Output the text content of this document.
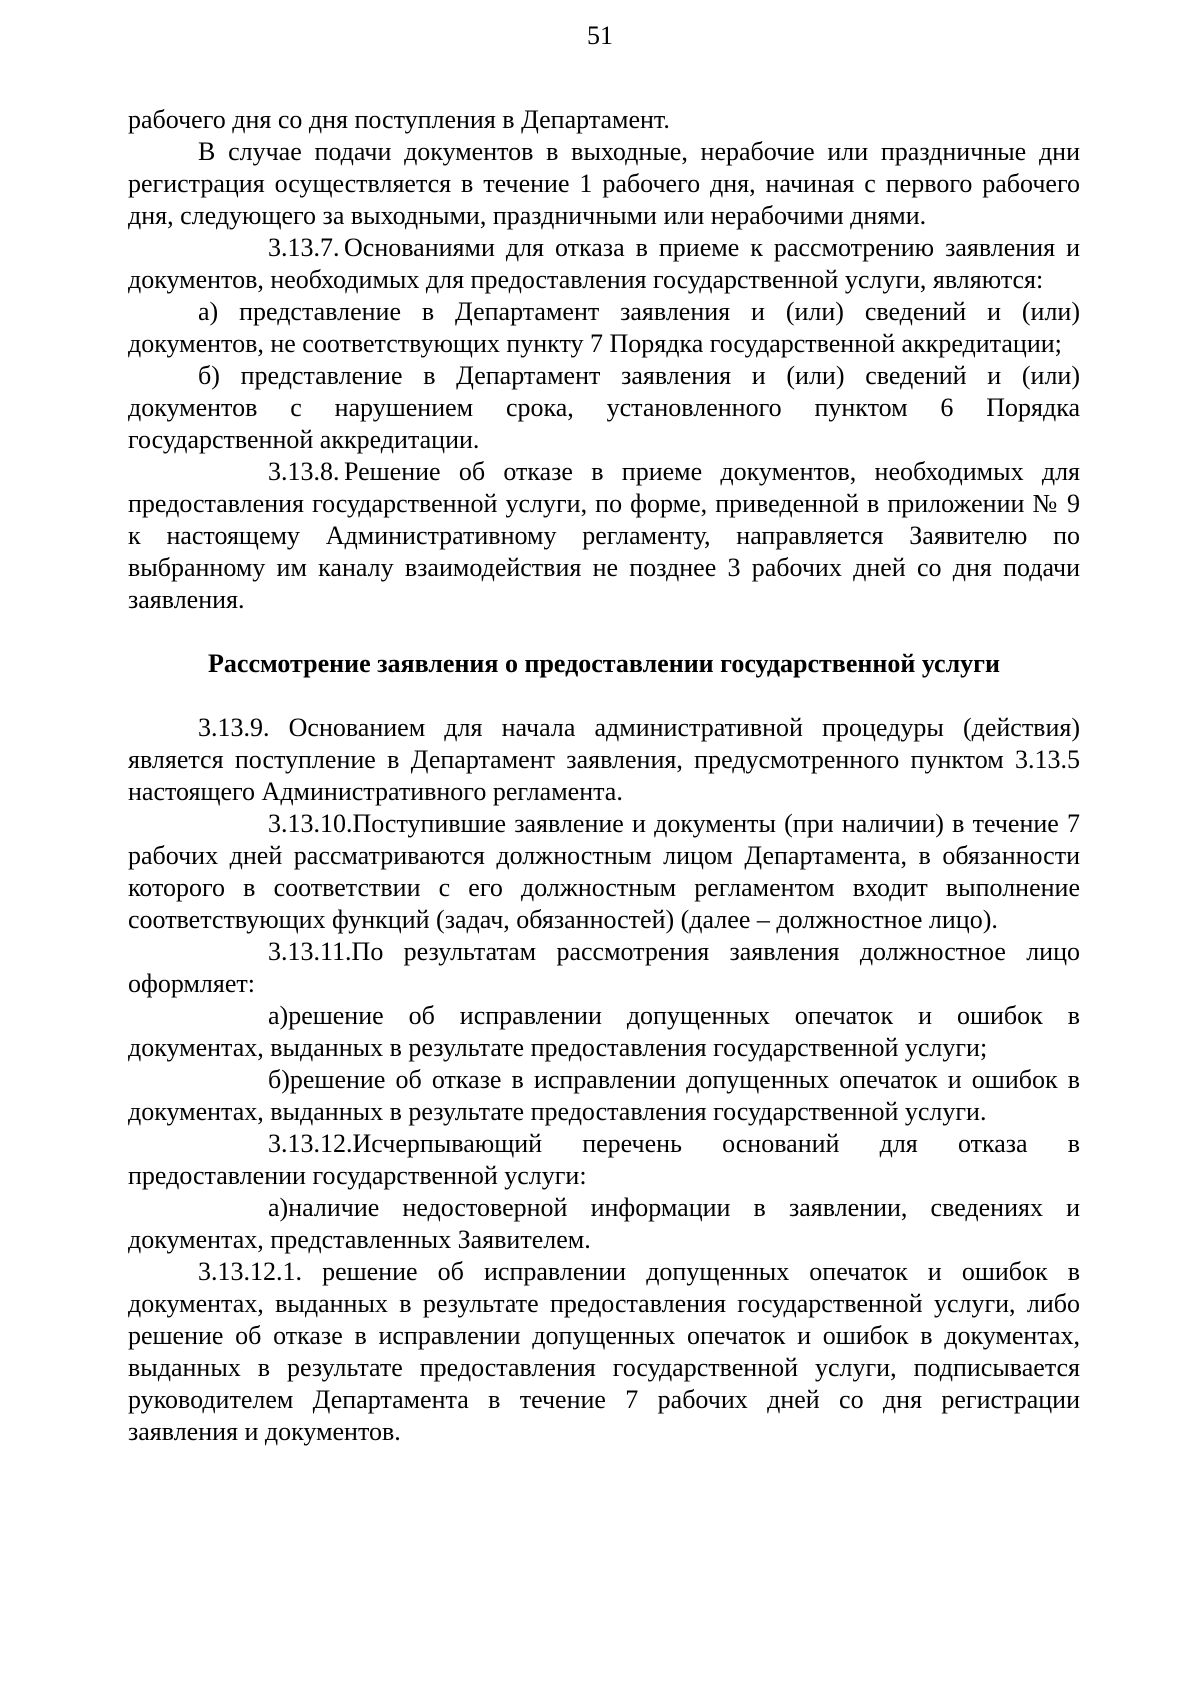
51

рабочего дня со дня поступления в Департамент.

В случае подачи документов в выходные, нерабочие или праздничные дни регистрация осуществляется в течение 1 рабочего дня, начиная с первого рабочего дня, следующего за выходными, праздничными или нерабочими днями.

3.13.7. Основаниями для отказа в приеме к рассмотрению заявления и документов, необходимых для предоставления государственной услуги, являются:

а) представление в Департамент заявления и (или) сведений и (или) документов, не соответствующих пункту 7 Порядка государственной аккредитации;

б) представление в Департамент заявления и (или) сведений и (или) документов с нарушением срока, установленного пунктом 6 Порядка государственной аккредитации.

3.13.8. Решение об отказе в приеме документов, необходимых для предоставления государственной услуги, по форме, приведенной в приложении № 9 к настоящему Административному регламенту, направляется Заявителю по выбранному им каналу взаимодействия не позднее 3 рабочих дней со дня подачи заявления.

Рассмотрение заявления о предоставлении государственной услуги

3.13.9. Основанием для начала административной процедуры (действия) является поступление в Департамент заявления, предусмотренного пунктом 3.13.5 настоящего Административного регламента.

3.13.10.Поступившие заявление и документы (при наличии) в течение 7 рабочих дней рассматриваются должностным лицом Департамента, в обязанности которого в соответствии с его должностным регламентом входит выполнение соответствующих функций (задач, обязанностей) (далее – должностное лицо).

3.13.11.По результатам рассмотрения заявления должностное лицо оформляет:

а)решение об исправлении допущенных опечаток и ошибок в документах, выданных в результате предоставления государственной услуги;

б)решение об отказе в исправлении допущенных опечаток и ошибок в документах, выданных в результате предоставления государственной услуги.

3.13.12.Исчерпывающий перечень оснований для отказа в предоставлении государственной услуги:

а)наличие недостоверной информации в заявлении, сведениях и документах, представленных Заявителем.

3.13.12.1. решение об исправлении допущенных опечаток и ошибок в документах, выданных в результате предоставления государственной услуги, либо решение об отказе в исправлении допущенных опечаток и ошибок в документах, выданных в результате предоставления государственной услуги, подписывается руководителем Департамента в течение 7 рабочих дней со дня регистрации заявления и документов.
